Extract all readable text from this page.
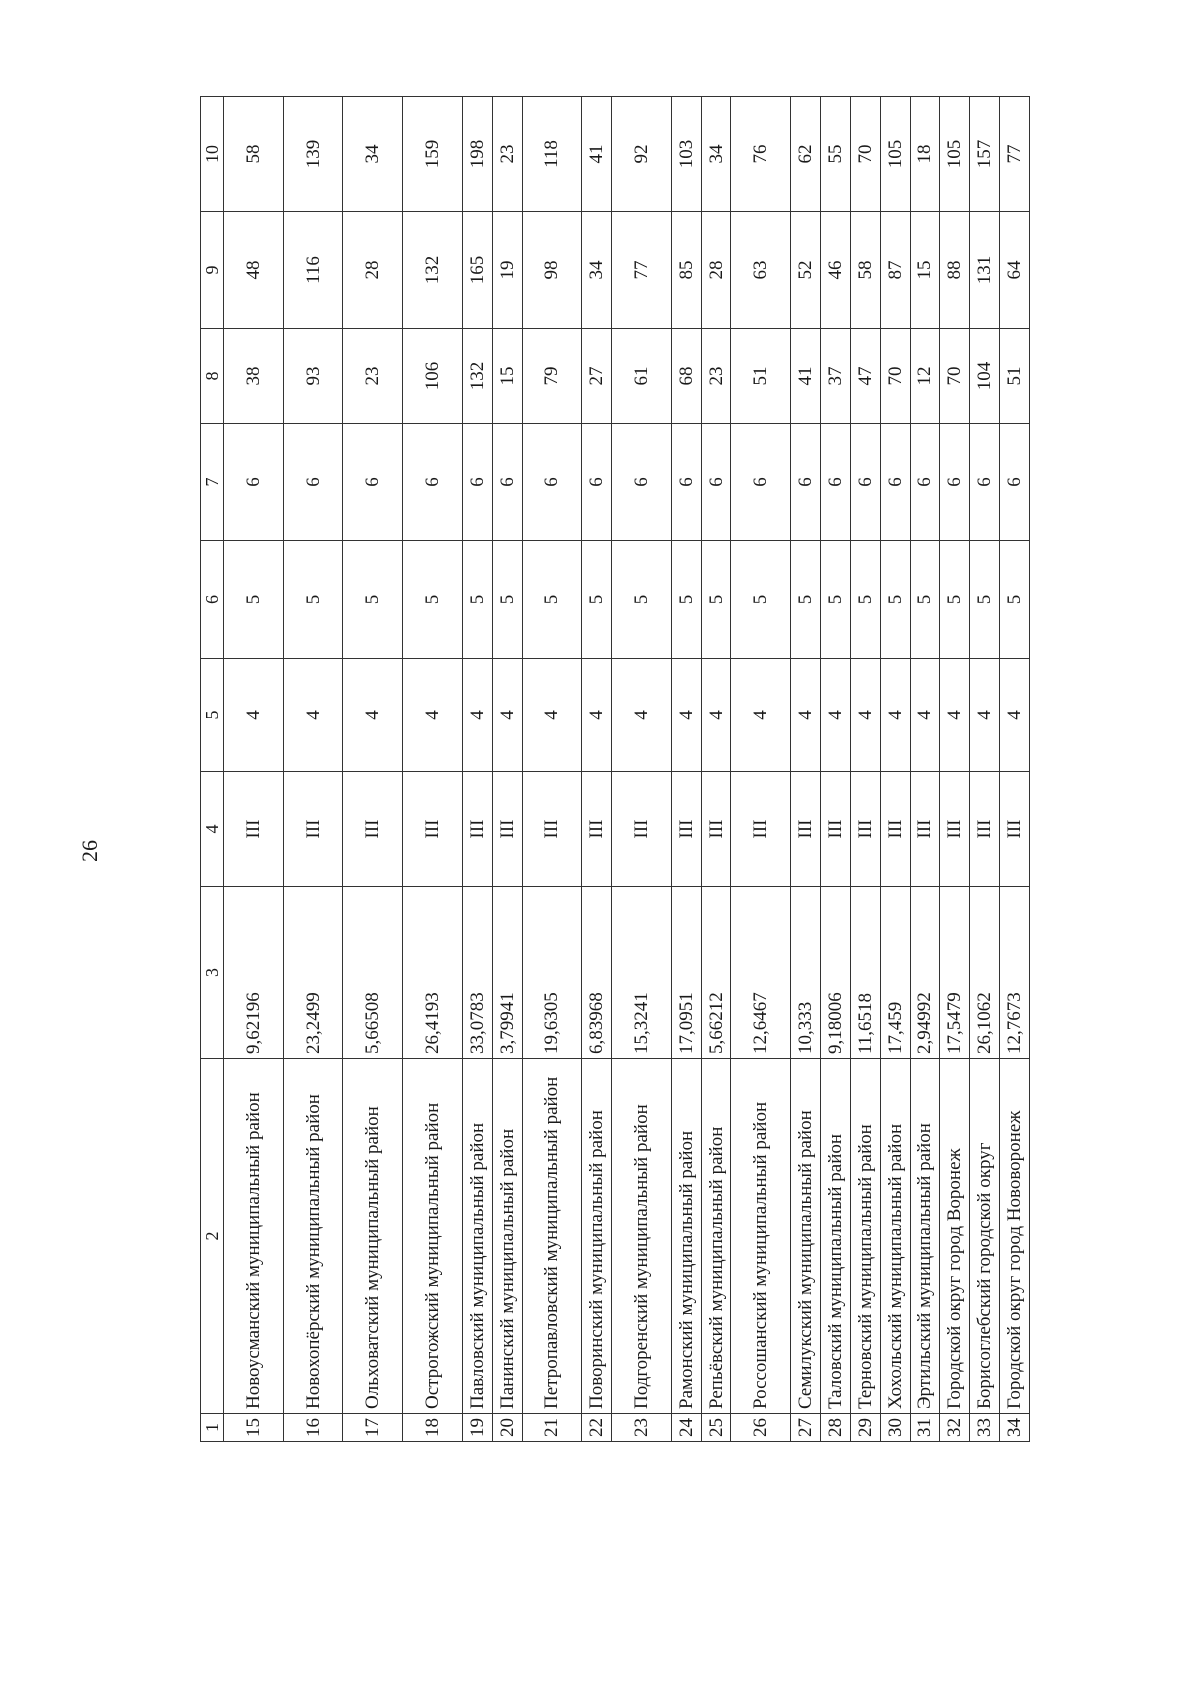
26
1	2	3	4	5	6	7	8	9	10
15	Новоусманский муниципальный район	9,62196	III	4	5	6	38	48	58
16	Новохопёрский муниципальный район	23,2499	III	4	5	6	93	116	139
17	Ольховатский муниципальный район	5,66508	III	4	5	6	23	28	34
18	Острогожский муниципальный район	26,4193	III	4	5	6	106	132	159
19	Павловский муниципальный район	33,0783	III	4	5	6	132	165	198
20	Панинский муниципальный район	3,79941	III	4	5	6	15	19	23
21	Петропавловский муниципальный район	19,6305	III	4	5	6	79	98	118
22	Поворинский муниципальный район	6,83968	III	4	5	6	27	34	41
23	Подгоренский муниципальный район	15,3241	III	4	5	6	61	77	92
24	Рамонский муниципальный район	17,0951	III	4	5	6	68	85	103
25	Репьёвский муниципальный район	5,66212	III	4	5	6	23	28	34
26	Россошанский муниципальный район	12,6467	III	4	5	6	51	63	76
27	Семилукский муниципальный район	10,333	III	4	5	6	41	52	62
28	Таловский муниципальный район	9,18006	III	4	5	6	37	46	55
29	Терновский муниципальный район	11,6518	III	4	5	6	47	58	70
30	Хохольский муниципальный район	17,459	III	4	5	6	70	87	105
31	Эртильский муниципальный район	2,94992	III	4	5	6	12	15	18
32	Городской округ город Воронеж	17,5479	III	4	5	6	70	88	105
33	Борисоглебский городской округ	26,1062	III	4	5	6	104	131	157
34	Городской округ город Нововоронеж	12,7673	III	4	5	6	51	64	77
